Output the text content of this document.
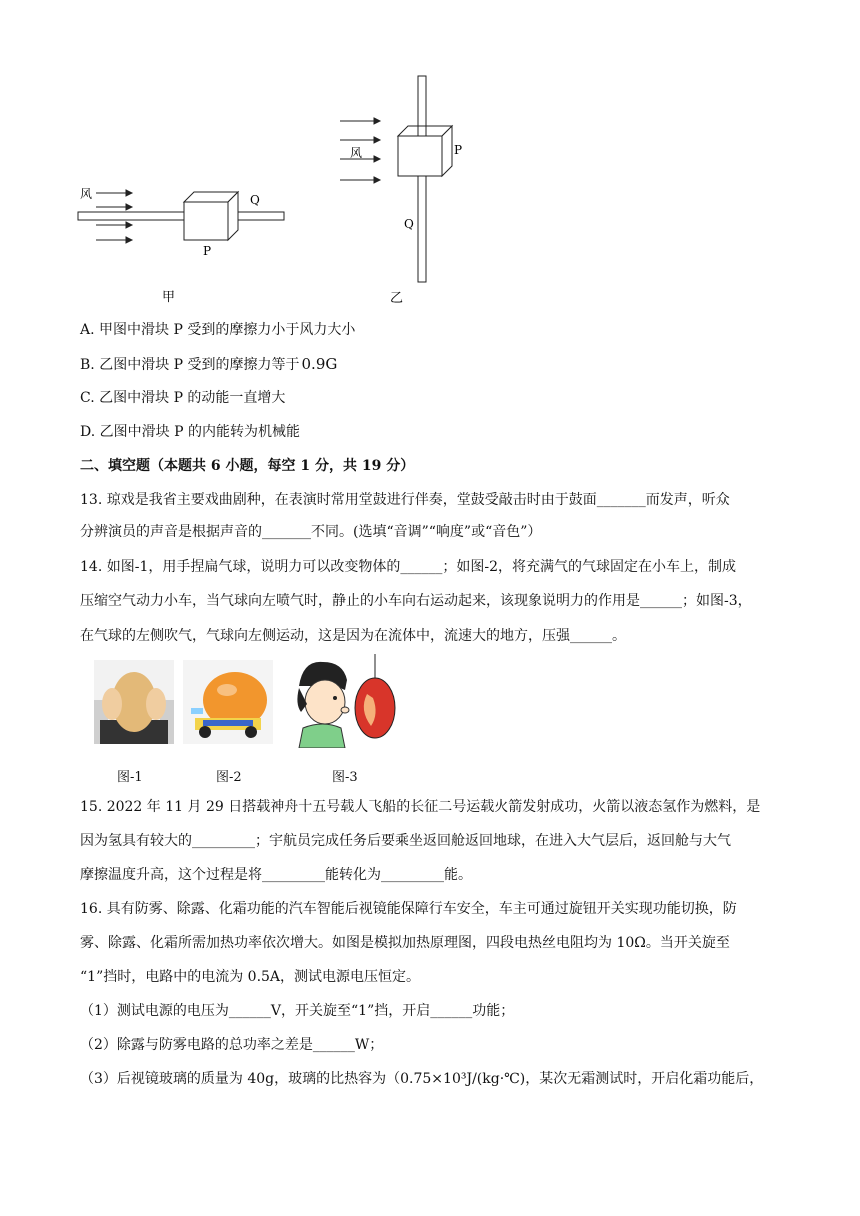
风	Q
P
甲
风	P
Q
乙
A. 甲图中滑块 P 受到的摩擦力小于风力大小
B. 乙图中滑块 P 受到的摩擦力等于 0.9G
C. 乙图中滑块 P 的动能一直增大
D. 乙图中滑块 P 的内能转为机械能
二、填空题（本题共 6 小题，每空 1 分，共 19 分）
13. 琼戏是我省主要戏曲剧种，在表演时常用堂鼓进行伴奏，堂鼓受敲击时由于鼓面_______而发声，听众
分辨演员的声音是根据声音的_______不同。(选填“音调”“响度”或“音色”）
14. 如图-1，用手捏扁气球，说明力可以改变物体的______；如图-2，将充满气的气球固定在小车上，制成
压缩空气动力小车，当气球向左喷气时，静止的小车向右运动起来，该现象说明力的作用是______；如图-3，
在气球的左侧吹气，气球向左侧运动，这是因为在流体中，流速大的地方，压强______。
图-1	图-2	图-3
15. 2022 年 11 月 29 日搭载神舟十五号载人飞船的长征二号运载火箭发射成功，火箭以液态氢作为燃料，是
因为氢具有较大的_________；宇航员完成任务后要乘坐返回舱返回地球，在进入大气层后，返回舱与大气
摩擦温度升高，这个过程是将_________能转化为_________能。
16. 具有防雾、除露、化霜功能的汽车智能后视镜能保障行车安全，车主可通过旋钮开关实现功能切换，防
雾、除露、化霜所需加热功率依次增大。如图是模拟加热原理图，四段电热丝电阻均为 10Ω。当开关旋至
“1”挡时，电路中的电流为 0.5A，测试电源电压恒定。
（1）测试电源的电压为______V，开关旋至“1”挡，开启______功能；
（2）除露与防雾电路的总功率之差是______W；
（3）后视镜玻璃的质量为 40g，玻璃的比热容为（0.75×10³J/(kg·℃)，某次无霜测试时，开启化霜功能后，
